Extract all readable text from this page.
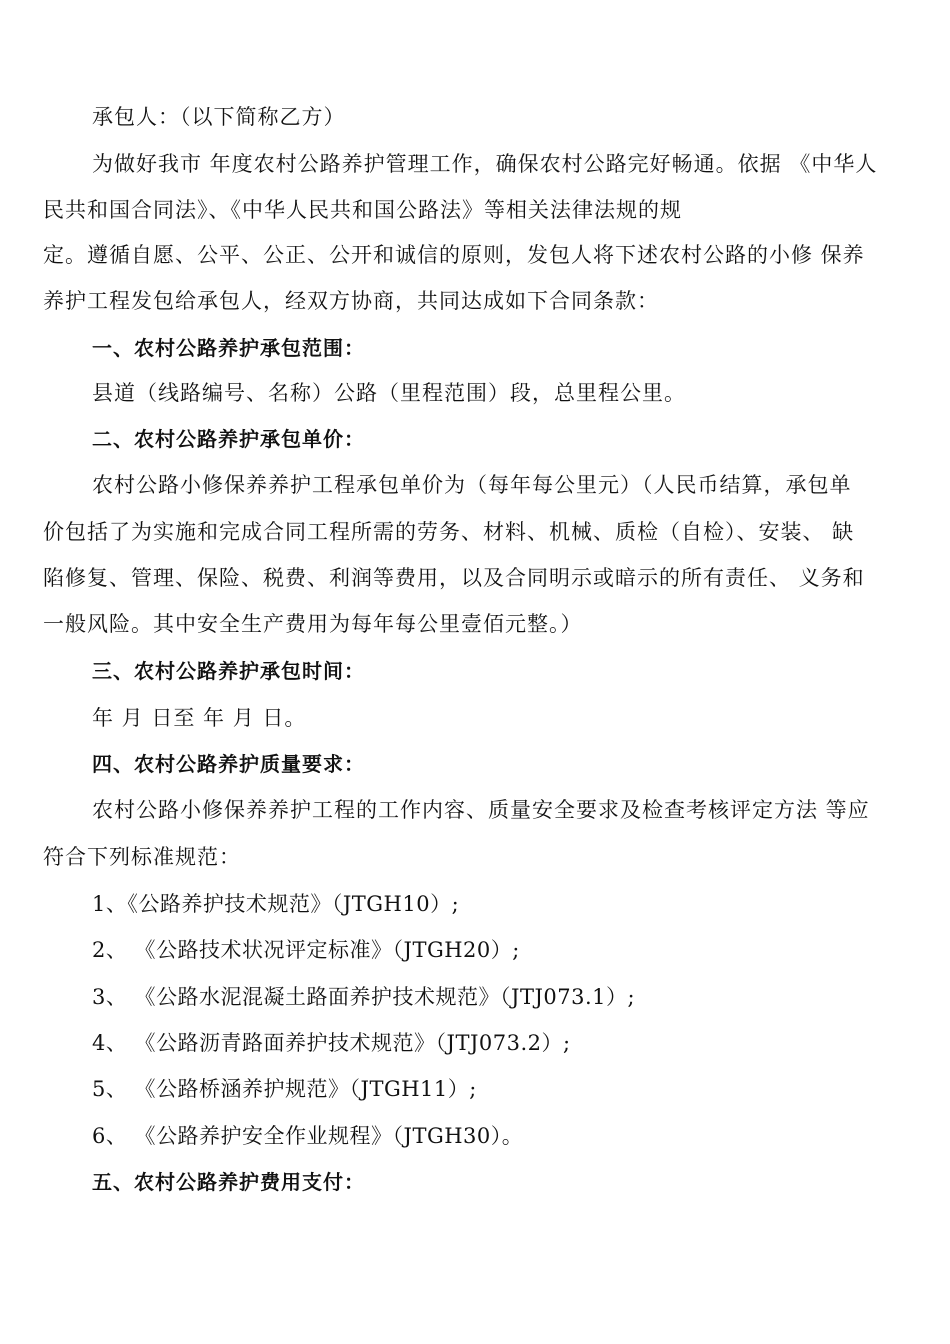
承包人：（以下简称乙方）
为做好我市 年度农村公路养护管理工作，确保农村公路完好畅通。依据 《中华人
民共和国合同法》、《中华人民共和国公路法》等相关法律法规的规
定。遵循自愿、公平、公正、公开和诚信的原则，发包人将下述农村公路的小修 保养
养护工程发包给承包人，经双方协商，共同达成如下合同条款：
一、农村公路养护承包范围：
县道（线路编号、名称）公路（里程范围）段，总里程公里。
二、农村公路养护承包单价：
农村公路小修保养养护工程承包单价为（每年每公里元）（人民币结算，承包单
价包括了为实施和完成合同工程所需的劳务、材料、机械、质检（自检）、安装、 缺
陷修复、管理、保险、税费、利润等费用，以及合同明示或暗示的所有责任、 义务和
一般风险。其中安全生产费用为每年每公里壹佰元整。）
三、农村公路养护承包时间：
年 月 日至 年 月 日。
四、农村公路养护质量要求：
农村公路小修保养养护工程的工作内容、质量安全要求及检查考核评定方法 等应
符合下列标准规范：
1、《公路养护技术规范》（JTGH10）;
2、 《公路技术状况评定标准》（JTGH20）;
3、 《公路水泥混凝土路面养护技术规范》（JTJ073.1）;
4、 《公路沥青路面养护技术规范》（JTJ073.2）;
5、 《公路桥涵养护规范》（JTGH11）;
6、 《公路养护安全作业规程》（JTGH30）。
五、农村公路养护费用支付：
